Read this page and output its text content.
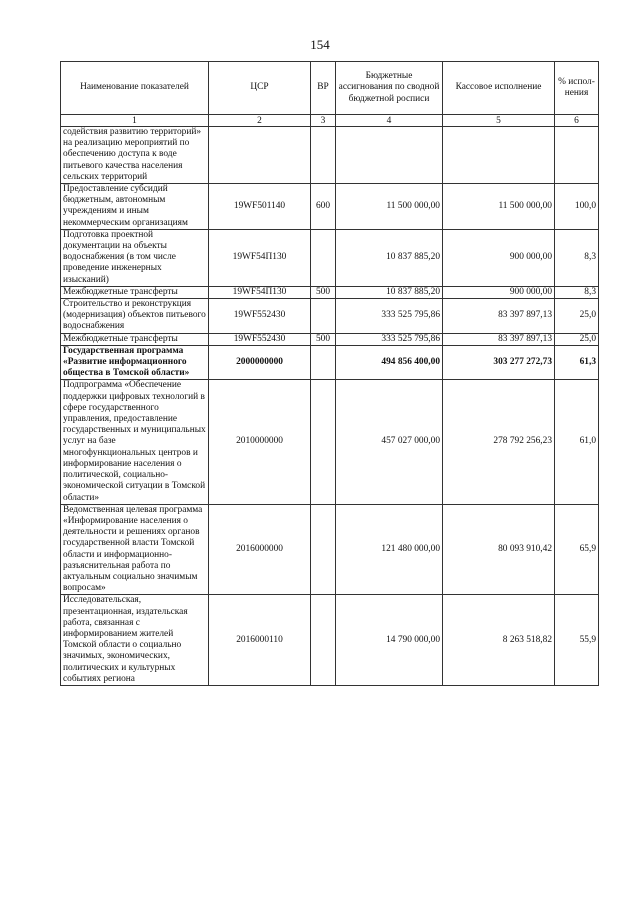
154
Наименование показателей	ЦСР	ВР	Бюджетные ассигнования по сводной бюджетной росписи	Кассовое исполнение	% испол-нения
1	2	3	4	5	6
содействия развитию территорий» на реализацию мероприятий по обеспечению доступа к воде питьевого качества населения сельских территорий					
Предоставление субсидий бюджетным, автономным учреждениям и иным некоммерческим организациям	19WF501140	600	11 500 000,00	11 500 000,00	100,0
Подготовка проектной документации на объекты водоснабжения (в том числе проведение инженерных изысканий)	19WF54П130		10 837 885,20	900 000,00	8,3
Межбюджетные трансферты	19WF54П130	500	10 837 885,20	900 000,00	8,3
Строительство и реконструкция (модернизация) объектов питьевого водоснабжения	19WF552430		333 525 795,86	83 397 897,13	25,0
Межбюджетные трансферты	19WF552430	500	333 525 795,86	83 397 897,13	25,0
Государственная программа «Развитие информационного общества в Томской области»	2000000000		494 856 400,00	303 277 272,73	61,3
Подпрограмма «Обеспечение поддержки цифровых технологий в сфере государственного управления, предоставление государственных и муниципальных услуг на базе многофункциональных центров и информирование населения о политической, социально-экономической ситуации в Томской области»	2010000000		457 027 000,00	278 792 256,23	61,0
Ведомственная целевая программа «Информирование населения о деятельности и решениях органов государственной власти Томской области и информационно-разъяснительная работа по актуальным социально значимым вопросам»	2016000000		121 480 000,00	80 093 910,42	65,9
Исследовательская, презентационная, издательская работа, связанная с информированием жителей Томской области о социально значимых, экономических, политических и культурных событиях регионa	2016000110		14 790 000,00	8 263 518,82	55,9
